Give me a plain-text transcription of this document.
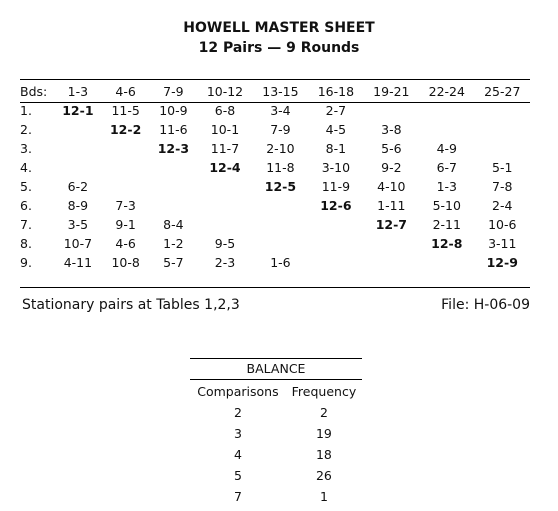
HOWELL MASTER SHEET
12 Pairs — 9 Rounds
Bds:	1-3	4-6	7-9	10-12	13-15	16-18	19-21	22-24	25-27
1.	12-1	11-5	10-9	6-8	3-4	2-7			
2.		12-2	11-6	10-1	7-9	4-5	3-8		
3.			12-3	11-7	2-10	8-1	5-6	4-9	
4.				12-4	11-8	3-10	9-2	6-7	5-1
5.	6-2				12-5	11-9	4-10	1-3	7-8
6.	8-9	7-3				12-6	1-11	5-10	2-4
7.	3-5	9-1	8-4				12-7	2-11	10-6
8.	10-7	4-6	1-2	9-5				12-8	3-11
9.	4-11	10-8	5-7	2-3	1-6				12-9
Stationary pairs at Tables 1,2,3	File: H-06-09
BALANCE
Comparisons	Frequency
2	2
3	19
4	18
5	26
7	1
